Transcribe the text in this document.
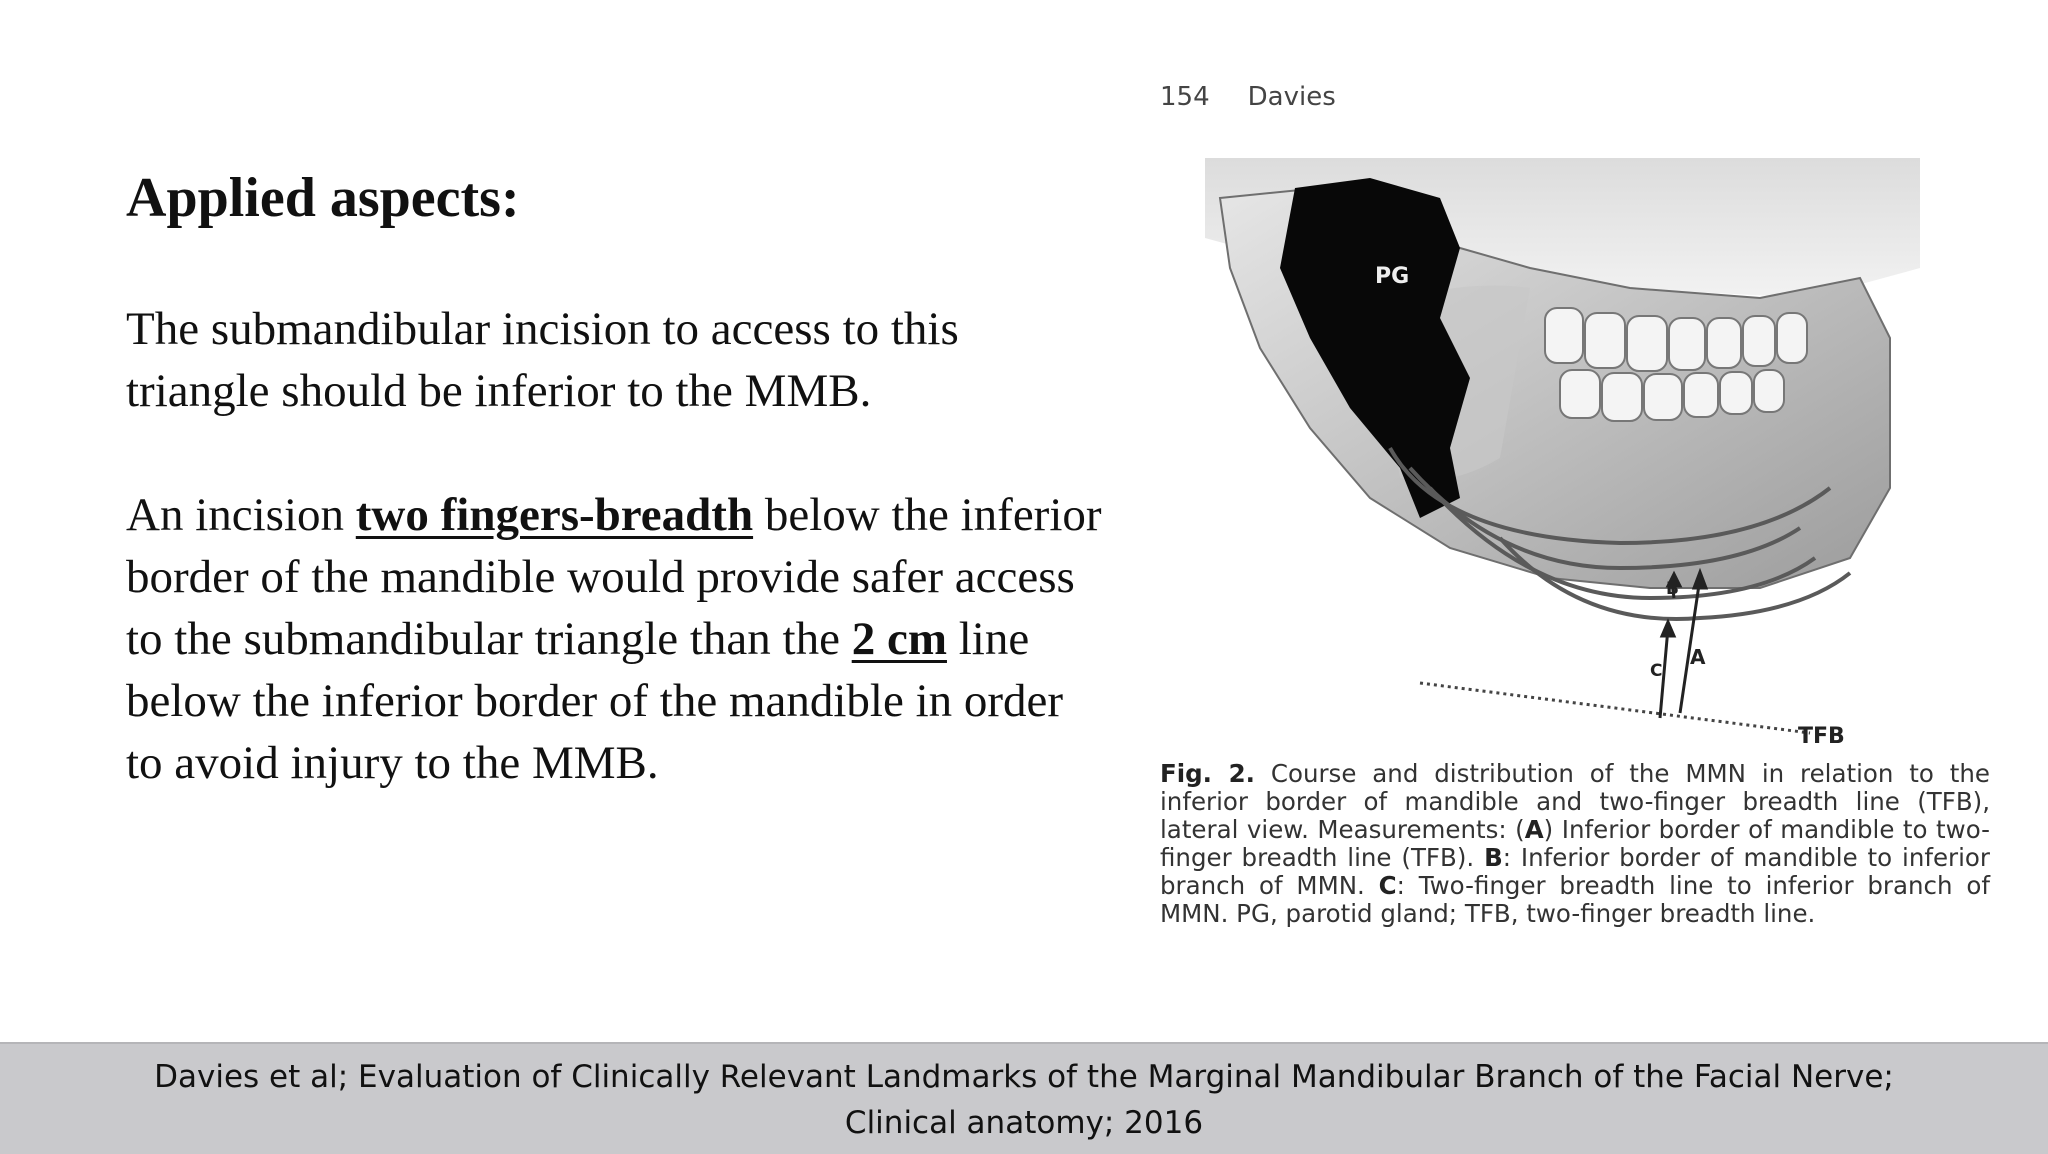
Applied aspects:

The submandibular incision to access to this triangle should be inferior to the MMB.

An incision two fingers-breadth below the inferior border of the mandible would provide safer access to the submandibular triangle than the 2 cm line below the inferior border of the mandible in order to avoid injury to the MMB.

154 Davies
PG
TFB
A
B
C
Fig. 2. Course and distribution of the MMN in relation to the inferior border of mandible and two-finger breadth line (TFB), lateral view. Measurements: (A) Inferior border of mandible to two-finger breadth line (TFB). B: Inferior border of mandible to inferior branch of MMN. C: Two-finger breadth line to inferior branch of MMN. PG, parotid gland; TFB, two-finger breadth line.
Davies et al; Evaluation of Clinically Relevant Landmarks of the Marginal Mandibular Branch of the Facial Nerve;
Clinical anatomy; 2016
